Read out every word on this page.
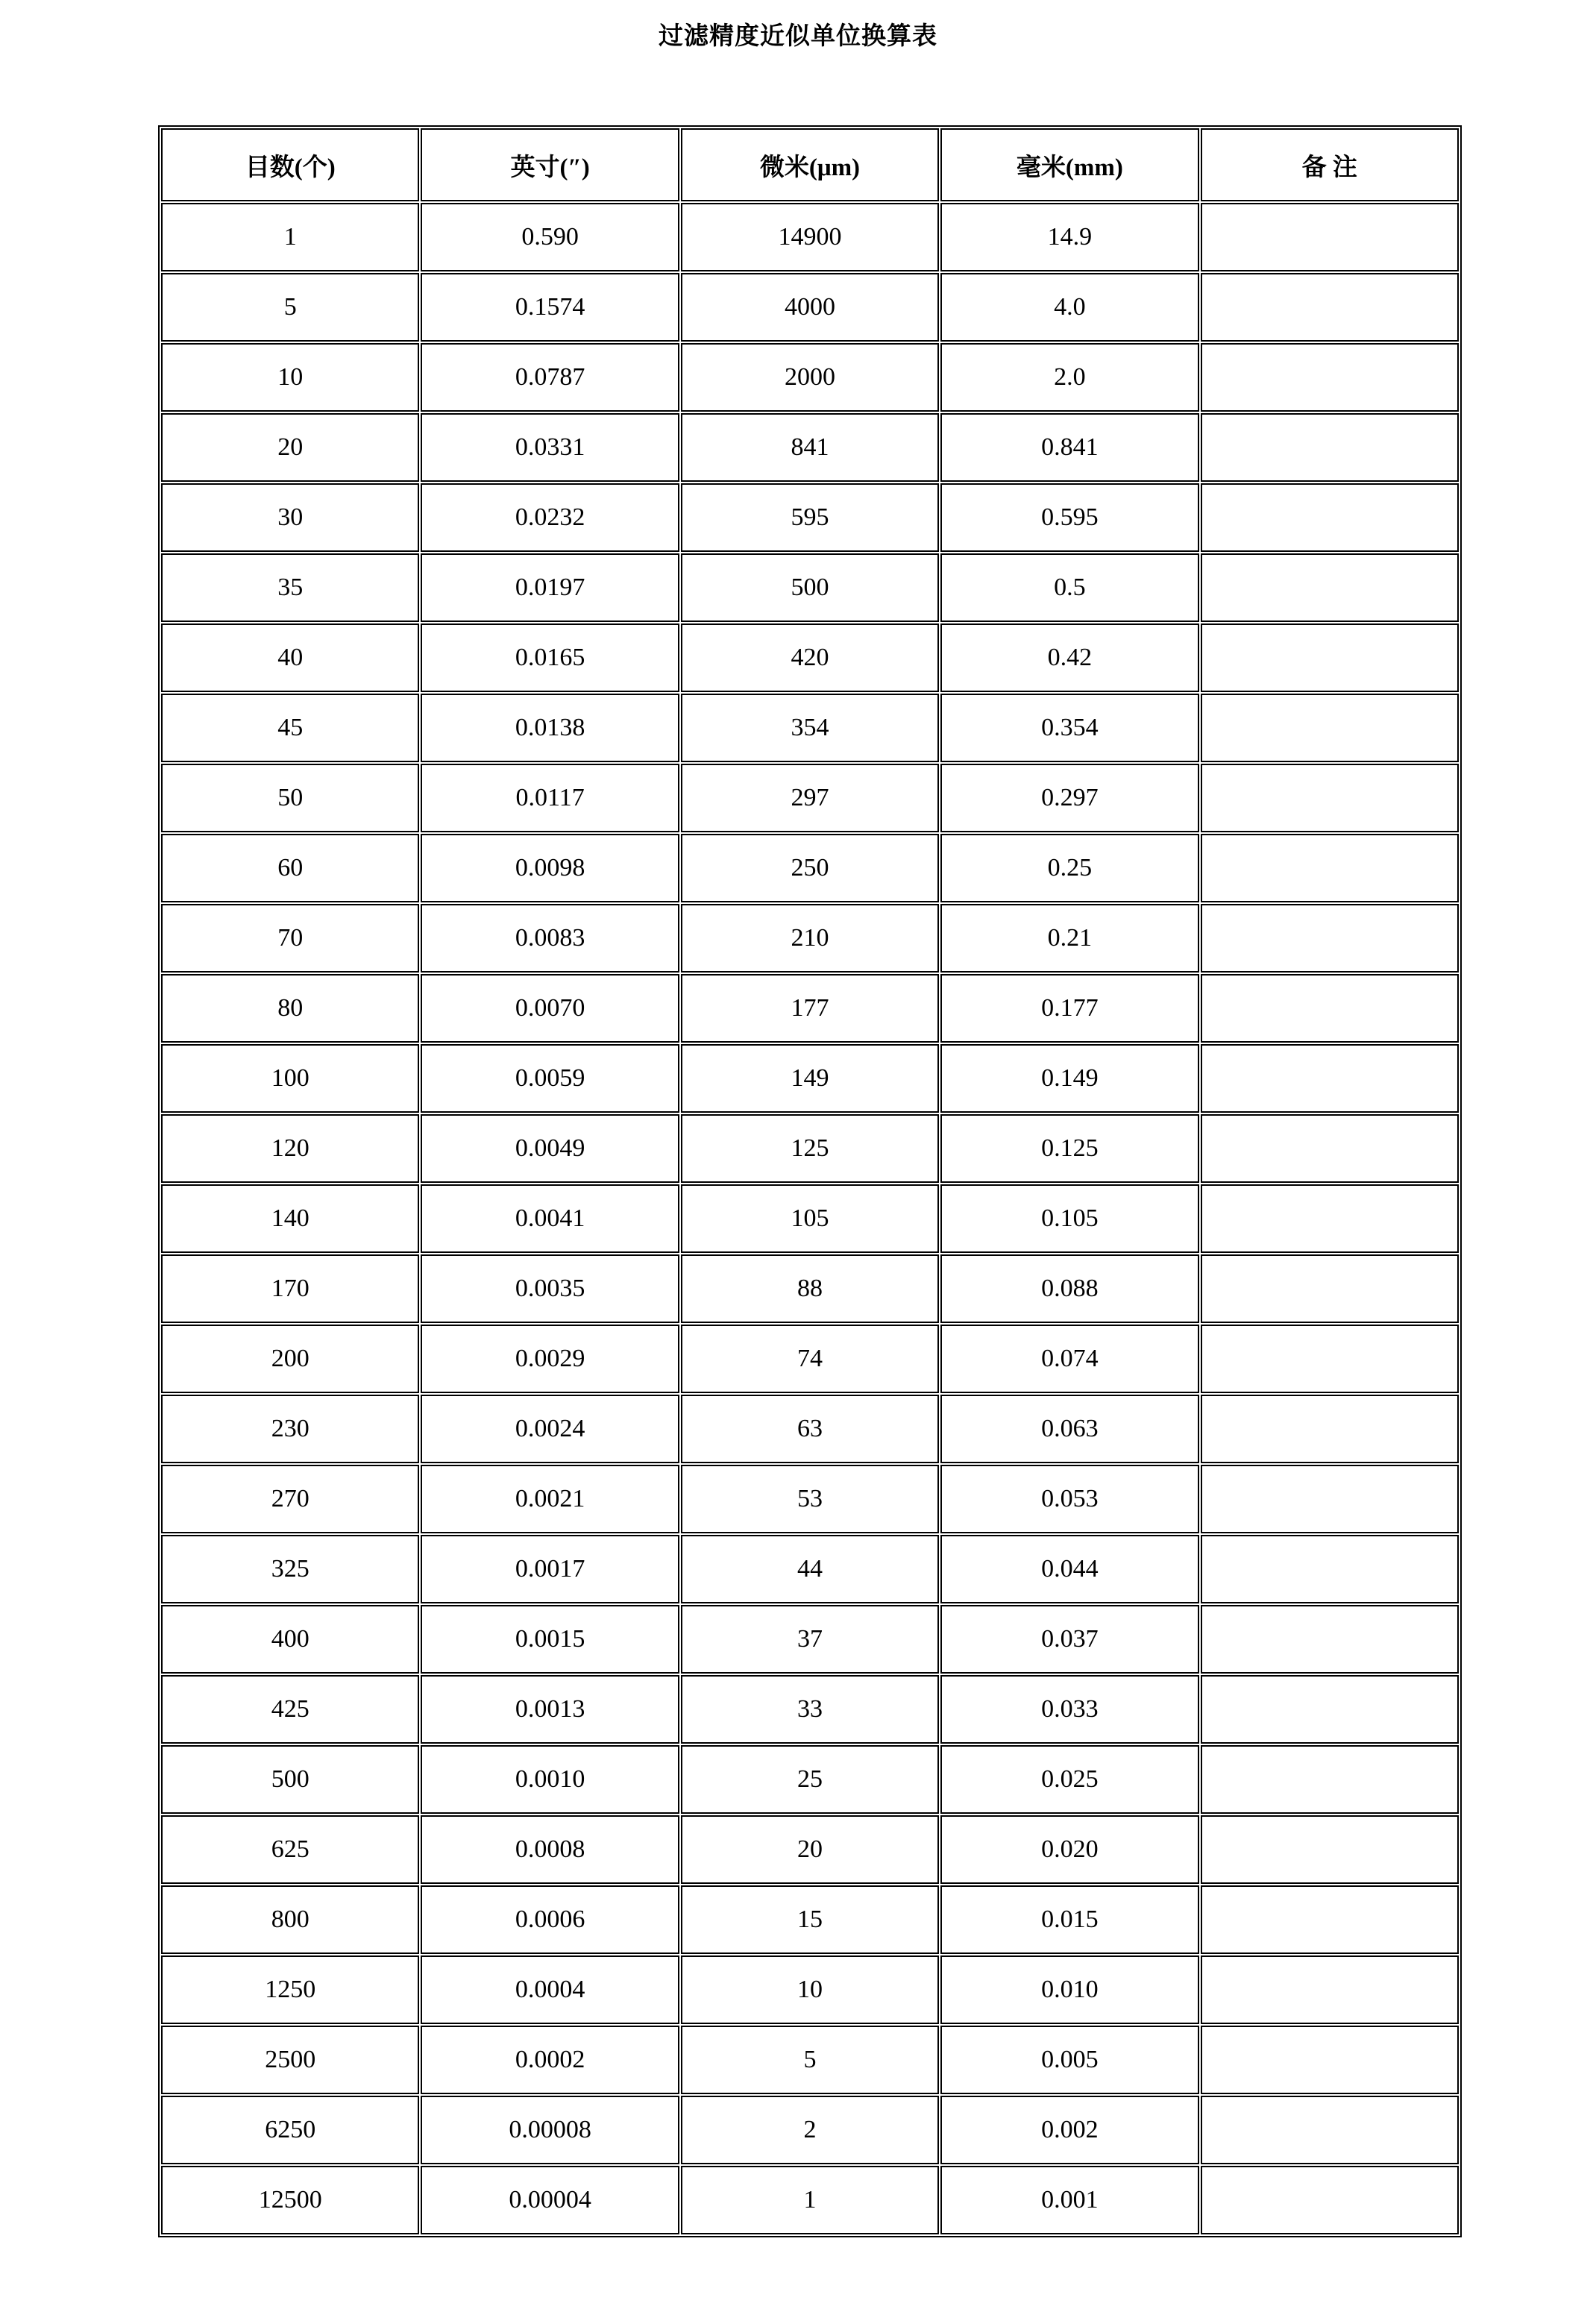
过滤精度近似单位换算表
目数(个)	英寸(″)	微米(μm)	毫米(mm)	备 注
1	0.590	14900	14.9	
5	0.1574	4000	4.0	
10	0.0787	2000	2.0	
20	0.0331	841	0.841	
30	0.0232	595	0.595	
35	0.0197	500	0.5	
40	0.0165	420	0.42	
45	0.0138	354	0.354	
50	0.0117	297	0.297	
60	0.0098	250	0.25	
70	0.0083	210	0.21	
80	0.0070	177	0.177	
100	0.0059	149	0.149	
120	0.0049	125	0.125	
140	0.0041	105	0.105	
170	0.0035	88	0.088	
200	0.0029	74	0.074	
230	0.0024	63	0.063	
270	0.0021	53	0.053	
325	0.0017	44	0.044	
400	0.0015	37	0.037	
425	0.0013	33	0.033	
500	0.0010	25	0.025	
625	0.0008	20	0.020	
800	0.0006	15	0.015	
1250	0.0004	10	0.010	
2500	0.0002	5	0.005	
6250	0.00008	2	0.002	
12500	0.00004	1	0.001	
